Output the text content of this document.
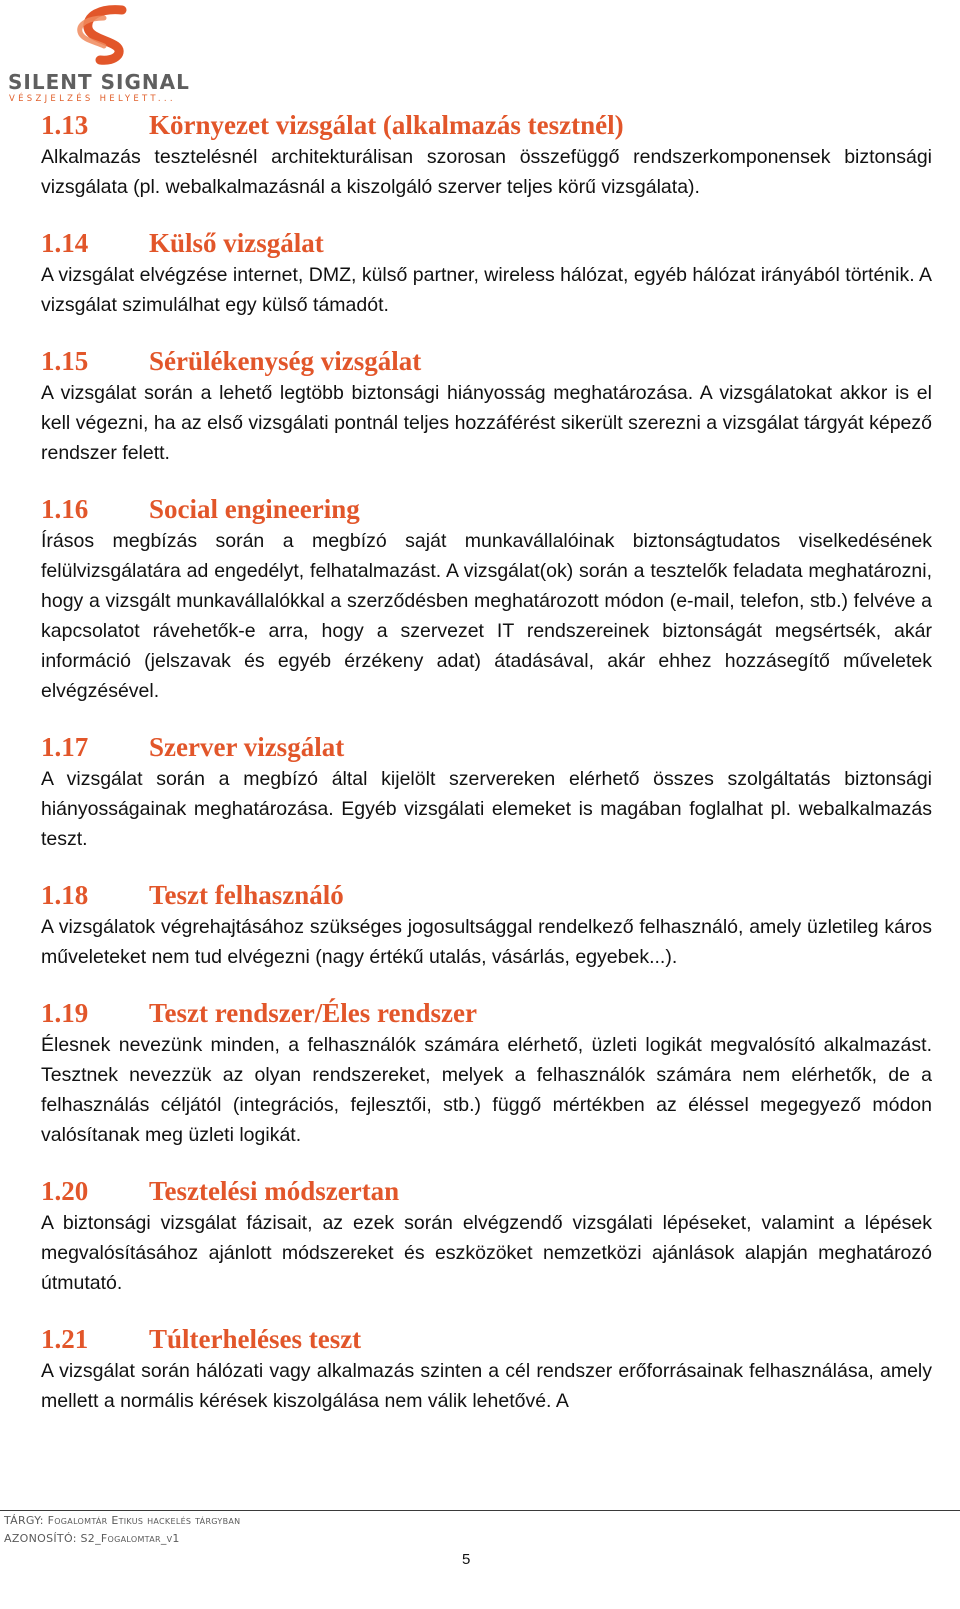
SILENT SIGNAL
VÉSZJELZÉS HELYETT...
1.13 Környezet vizsgálat (alkalmazás tesztnél)

Alkalmazás tesztelésnél architekturálisan szorosan összefüggő rendszerkomponensek biztonsági vizsgálata (pl. webalkalmazásnál a kiszolgáló szerver teljes körű vizsgálata).

1.14 Külső vizsgálat

A vizsgálat elvégzése internet, DMZ, külső partner, wireless hálózat, egyéb hálózat irányából történik. A vizsgálat szimulálhat egy külső támadót.

1.15 Sérülékenység vizsgálat

A vizsgálat során a lehető legtöbb biztonsági hiányosság meghatározása. A vizsgálatokat akkor is el kell végezni, ha az első vizsgálati pontnál teljes hozzáférést sikerült szerezni a vizsgálat tárgyát képező rendszer felett.

1.16 Social engineering

Írásos megbízás során a megbízó saját munkavállalóinak biztonságtudatos viselkedésének felülvizsgálatára ad engedélyt, felhatalmazást. A vizsgálat(ok) során a tesztelők feladata meghatározni, hogy a vizsgált munkavállalókkal a szerződésben meghatározott módon (e-mail, telefon, stb.) felvéve a kapcsolatot rávehetők-e arra, hogy a szervezet IT rendszereinek biztonságát megsértsék, akár információ (jelszavak és egyéb érzékeny adat) átadásával, akár ehhez hozzásegítő műveletek elvégzésével.

1.17 Szerver vizsgálat

A vizsgálat során a megbízó által kijelölt szervereken elérhető összes szolgáltatás biztonsági hiányosságainak meghatározása. Egyéb vizsgálati elemeket is magában foglalhat pl. webalkalmazás teszt.

1.18 Teszt felhasználó

A vizsgálatok végrehajtásához szükséges jogosultsággal rendelkező felhasználó, amely üzletileg káros műveleteket nem tud elvégezni (nagy értékű utalás, vásárlás, egyebek...).

1.19 Teszt rendszer/Éles rendszer

Élesnek nevezünk minden, a felhasználók számára elérhető, üzleti logikát megvalósító alkalmazást. Tesztnek nevezzük az olyan rendszereket, melyek a felhasználók számára nem elérhetők, de a felhasználás céljától (integrációs, fejlesztői, stb.) függő mértékben az éléssel megegyező módon valósítanak meg üzleti logikát.

1.20 Tesztelési módszertan

A biztonsági vizsgálat fázisait, az ezek során elvégzendő vizsgálati lépéseket, valamint a lépések megvalósításához ajánlott módszereket és eszközöket nemzetközi ajánlások alapján meghatározó útmutató.

1.21 Túlterheléses teszt

A vizsgálat során hálózati vagy alkalmazás szinten a cél rendszer erőforrásainak felhasználása, amely mellett a normális kérések kiszolgálása nem válik lehetővé. A

TÁRGY: Fogalomtár Etikus hackelés tárgyban
AZONOSÍTÓ: S2_Fogalomtar_v1
5
